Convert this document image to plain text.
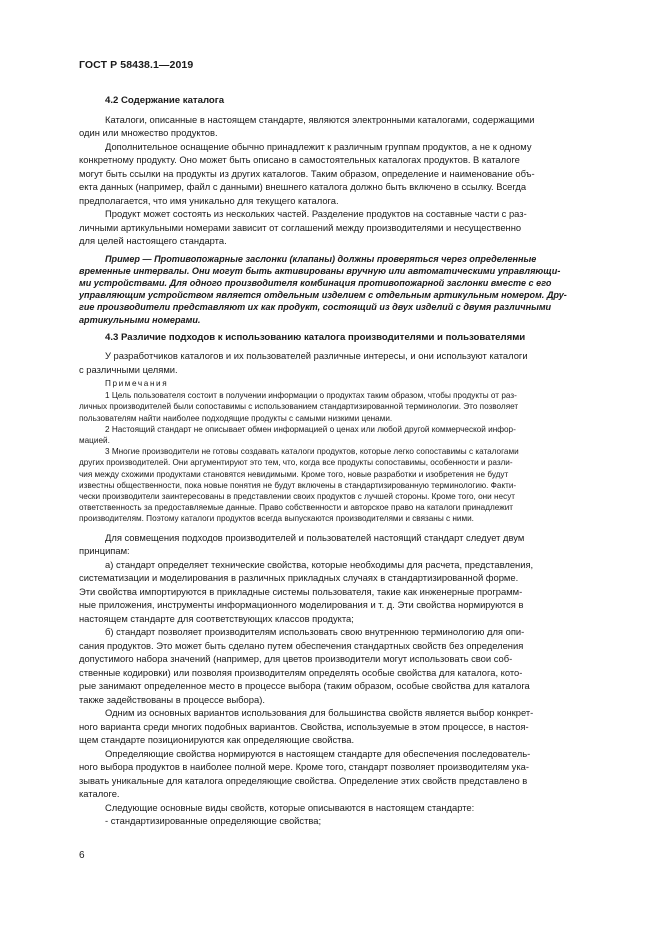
ГОСТ Р 58438.1—2019
4.2 Содержание каталога
Каталоги, описанные в настоящем стандарте, являются электронными каталогами, содержащими
один или множество продуктов.
Дополнительное оснащение обычно принадлежит к различным группам продуктов, а не к одному
конкретному продукту. Оно может быть описано в самостоятельных каталогах продуктов. В каталоге
могут быть ссылки на продукты из других каталогов. Таким образом, определение и наименование объ-
екта данных (например, файл с данными) внешнего каталога должно быть включено в ссылку. Всегда
предполагается, что имя уникально для текущего каталога.
Продукт может состоять из нескольких частей. Разделение продуктов на составные части с раз-
личными артикульными номерами зависит от соглашений между производителями и несущественно
для целей настоящего стандарта.
Пример — Противопожарные заслонки (клапаны) должны проверяться через определенные
временные интервалы. Они могут быть активированы вручную или автоматическими управляющи-
ми устройствами. Для одного производителя комбинация противопожарной заслонки вместе с его
управляющим устройством является отдельным изделием с отдельным артикульным номером. Дру-
гие производители представляют их как продукт, состоящий из двух изделий с двумя различными
артикульными номерами.
4.3 Различие подходов к использованию каталога производителями и пользователями
У разработчиков каталогов и их пользователей различные интересы, и они используют каталоги
с различными целями.
Примечания
1 Цель пользователя состоит в получении информации о продуктах таким образом, чтобы продукты от раз-
личных производителей были сопоставимы с использованием стандартизированной терминологии. Это позволяет
пользователям найти наиболее подходящие продукты с самыми низкими ценами.
2 Настоящий стандарт не описывает обмен информацией о ценах или любой другой коммерческой инфор-
мацией.
3 Многие производители не готовы создавать каталоги продуктов, которые легко сопоставимы с каталогами
других производителей. Они аргументируют это тем, что, когда все продукты сопоставимы, особенности и разли-
чия между схожими продуктами становятся невидимыми. Кроме того, новые разработки и изобретения не будут
известны общественности, пока новые понятия не будут включены в стандартизированную терминологию. Факти-
чески производители заинтересованы в представлении своих продуктов с лучшей стороны. Кроме того, они несут
ответственность за предоставляемые данные. Право собственности и авторское право на каталоги принадлежит
производителям. Поэтому каталоги продуктов всегда выпускаются производителями и связаны с ними.
Для совмещения подходов производителей и пользователей настоящий стандарт следует двум
принципам:
а) стандарт определяет технические свойства, которые необходимы для расчета, представления,
систематизации и моделирования в различных прикладных случаях в стандартизированной форме.
Эти свойства импортируются в прикладные системы пользователя, такие как инженерные программ-
ные приложения, инструменты информационного моделирования и т. д. Эти свойства нормируются в
настоящем стандарте для соответствующих классов продукта;
б) стандарт позволяет производителям использовать свою внутреннюю терминологию для опи-
сания продуктов. Это может быть сделано путем обеспечения стандартных свойств без определения
допустимого набора значений (например, для цветов производители могут использовать свои соб-
ственные кодировки) или позволяя производителям определять особые свойства для каталога, кото-
рые занимают определенное место в процессе выбора (таким образом, особые свойства для каталога
также задействованы в процессе выбора).
Одним из основных вариантов использования для большинства свойств является выбор конкрет-
ного варианта среди многих подобных вариантов. Свойства, используемые в этом процессе, в настоя-
щем стандарте позиционируются как определяющие свойства.
Определяющие свойства нормируются в настоящем стандарте для обеспечения последователь-
ного выбора продуктов в наиболее полной мере. Кроме того, стандарт позволяет производителям ука-
зывать уникальные для каталога определяющие свойства. Определение этих свойств представлено в
каталоге.
Следующие основные виды свойств, которые описываются в настоящем стандарте:
- стандартизированные определяющие свойства;
6
